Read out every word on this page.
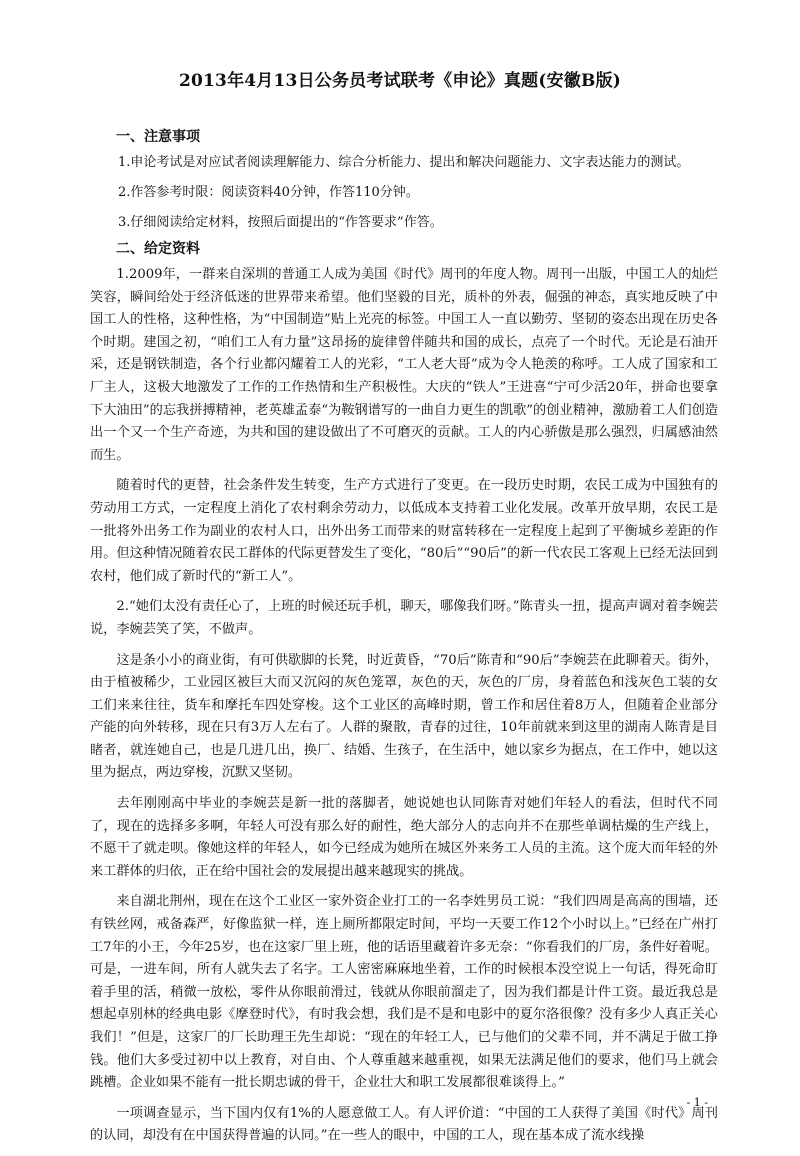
2013年4月13日公务员考试联考《申论》真题(安徽B版)
一、注意事项
1.申论考试是对应试者阅读理解能力、综合分析能力、提出和解决问题能力、文字表达能力的测试。
2.作答参考时限：阅读资料40分钟，作答110分钟。
3.仔细阅读给定材料，按照后面提出的“作答要求”作答。
二、给定资料

1.2009年，一群来自深圳的普通工人成为美国《时代》周刊的年度人物。周刊一出版，中国工人的灿烂笑容，瞬间给处于经济低迷的世界带来希望。他们坚毅的目光，质朴的外表，倔强的神态，真实地反映了中国工人的性格，这种性格，为“中国制造”贴上光亮的标签。中国工人一直以勤劳、坚韧的姿态出现在历史各个时期。建国之初，“咱们工人有力量”这昂扬的旋律曾伴随共和国的成长，点亮了一个时代。无论是石油开采，还是钢铁制造，各个行业都闪耀着工人的光彩，“工人老大哥”成为令人艳羡的称呼。工人成了国家和工厂主人，这极大地激发了工作的工作热情和生产积极性。大庆的“铁人”王进喜“宁可少活20年，拼命也要拿下大油田”的忘我拼搏精神，老英雄孟泰“为鞍钢谱写的一曲自力更生的凯歌”的创业精神，激励着工人们创造出一个又一个生产奇迹，为共和国的建设做出了不可磨灭的贡献。工人的内心骄傲是那么强烈，归属感油然而生。

随着时代的更替，社会条件发生转变，生产方式进行了变更。在一段历史时期，农民工成为中国独有的劳动用工方式，一定程度上消化了农村剩余劳动力，以低成本支持着工业化发展。改革开放早期，农民工是一批将外出务工作为副业的农村人口，出外出务工而带来的财富转移在一定程度上起到了平衡城乡差距的作用。但这种情况随着农民工群体的代际更替发生了变化，“80后”“90后”的新一代农民工客观上已经无法回到农村，他们成了新时代的“新工人”。

2.“她们太没有责任心了，上班的时候还玩手机，聊天，哪像我们呀。”陈青头一扭，提高声调对着李婉芸说，李婉芸笑了笑，不做声。

这是条小小的商业街，有可供歇脚的长凳，时近黄昏，“70后”陈青和“90后”李婉芸在此聊着天。街外，由于植被稀少，工业园区被巨大而又沉闷的灰色笼罩，灰色的天，灰色的厂房，身着蓝色和浅灰色工装的女工们来来往往，货车和摩托车四处穿梭。这个工业区的高峰时期，曾工作和居住着8万人，但随着企业部分产能的向外转移，现在只有3万人左右了。人群的聚散，青春的过往，10年前就来到这里的湖南人陈青是目睹者，就连她自己，也是几进几出，换厂、结婚、生孩子，在生活中，她以家乡为据点，在工作中，她以这里为据点，两边穿梭，沉默又坚韧。

去年刚刚高中毕业的李婉芸是新一批的落脚者，她说她也认同陈青对她们年轻人的看法，但时代不同了，现在的选择多多啊，年轻人可没有那么好的耐性，绝大部分人的志向并不在那些单调枯燥的生产线上，不愿干了就走呗。像她这样的年轻人，如今已经成为她所在城区外来务工人员的主流。这个庞大而年轻的外来工群体的归依，正在给中国社会的发展提出越来越现实的挑战。

来自湖北荆州，现在在这个工业区一家外资企业打工的一名李姓男员工说：“我们四周是高高的围墙，还有铁丝网，戒备森严，好像监狱一样，连上厕所都限定时间，平均一天要工作12个小时以上。”已经在广州打工7年的小王，今年25岁，也在这家厂里上班，他的话语里藏着许多无奈：“你看我们的厂房，条件好着呢。可是，一进车间，所有人就失去了名字。工人密密麻麻地坐着，工作的时候根本没空说上一句话，得死命盯着手里的活，稍微一放松，零件从你眼前滑过，钱就从你眼前溜走了，因为我们都是计件工资。最近我总是想起卓别林的经典电影《摩登时代》，有时我会想，我们是不是和电影中的夏尔洛很像？没有多少人真正关心我们！”但是，这家厂的厂长助理王先生却说：“现在的年轻工人，已与他们的父辈不同，并不满足于做工挣钱。他们大多受过初中以上教育，对自由、个人尊重越来越重视，如果无法满足他们的要求，他们马上就会跳槽。企业如果不能有一批长期忠诚的骨干，企业壮大和职工发展都很难谈得上。”

一项调查显示，当下国内仅有1%的人愿意做工人。有人评价道：“中国的工人获得了美国《时代》周刊的认同，却没有在中国获得普遍的认同。”在一些人的眼中，中国的工人，现在基本成了流水线操

- 1 -
